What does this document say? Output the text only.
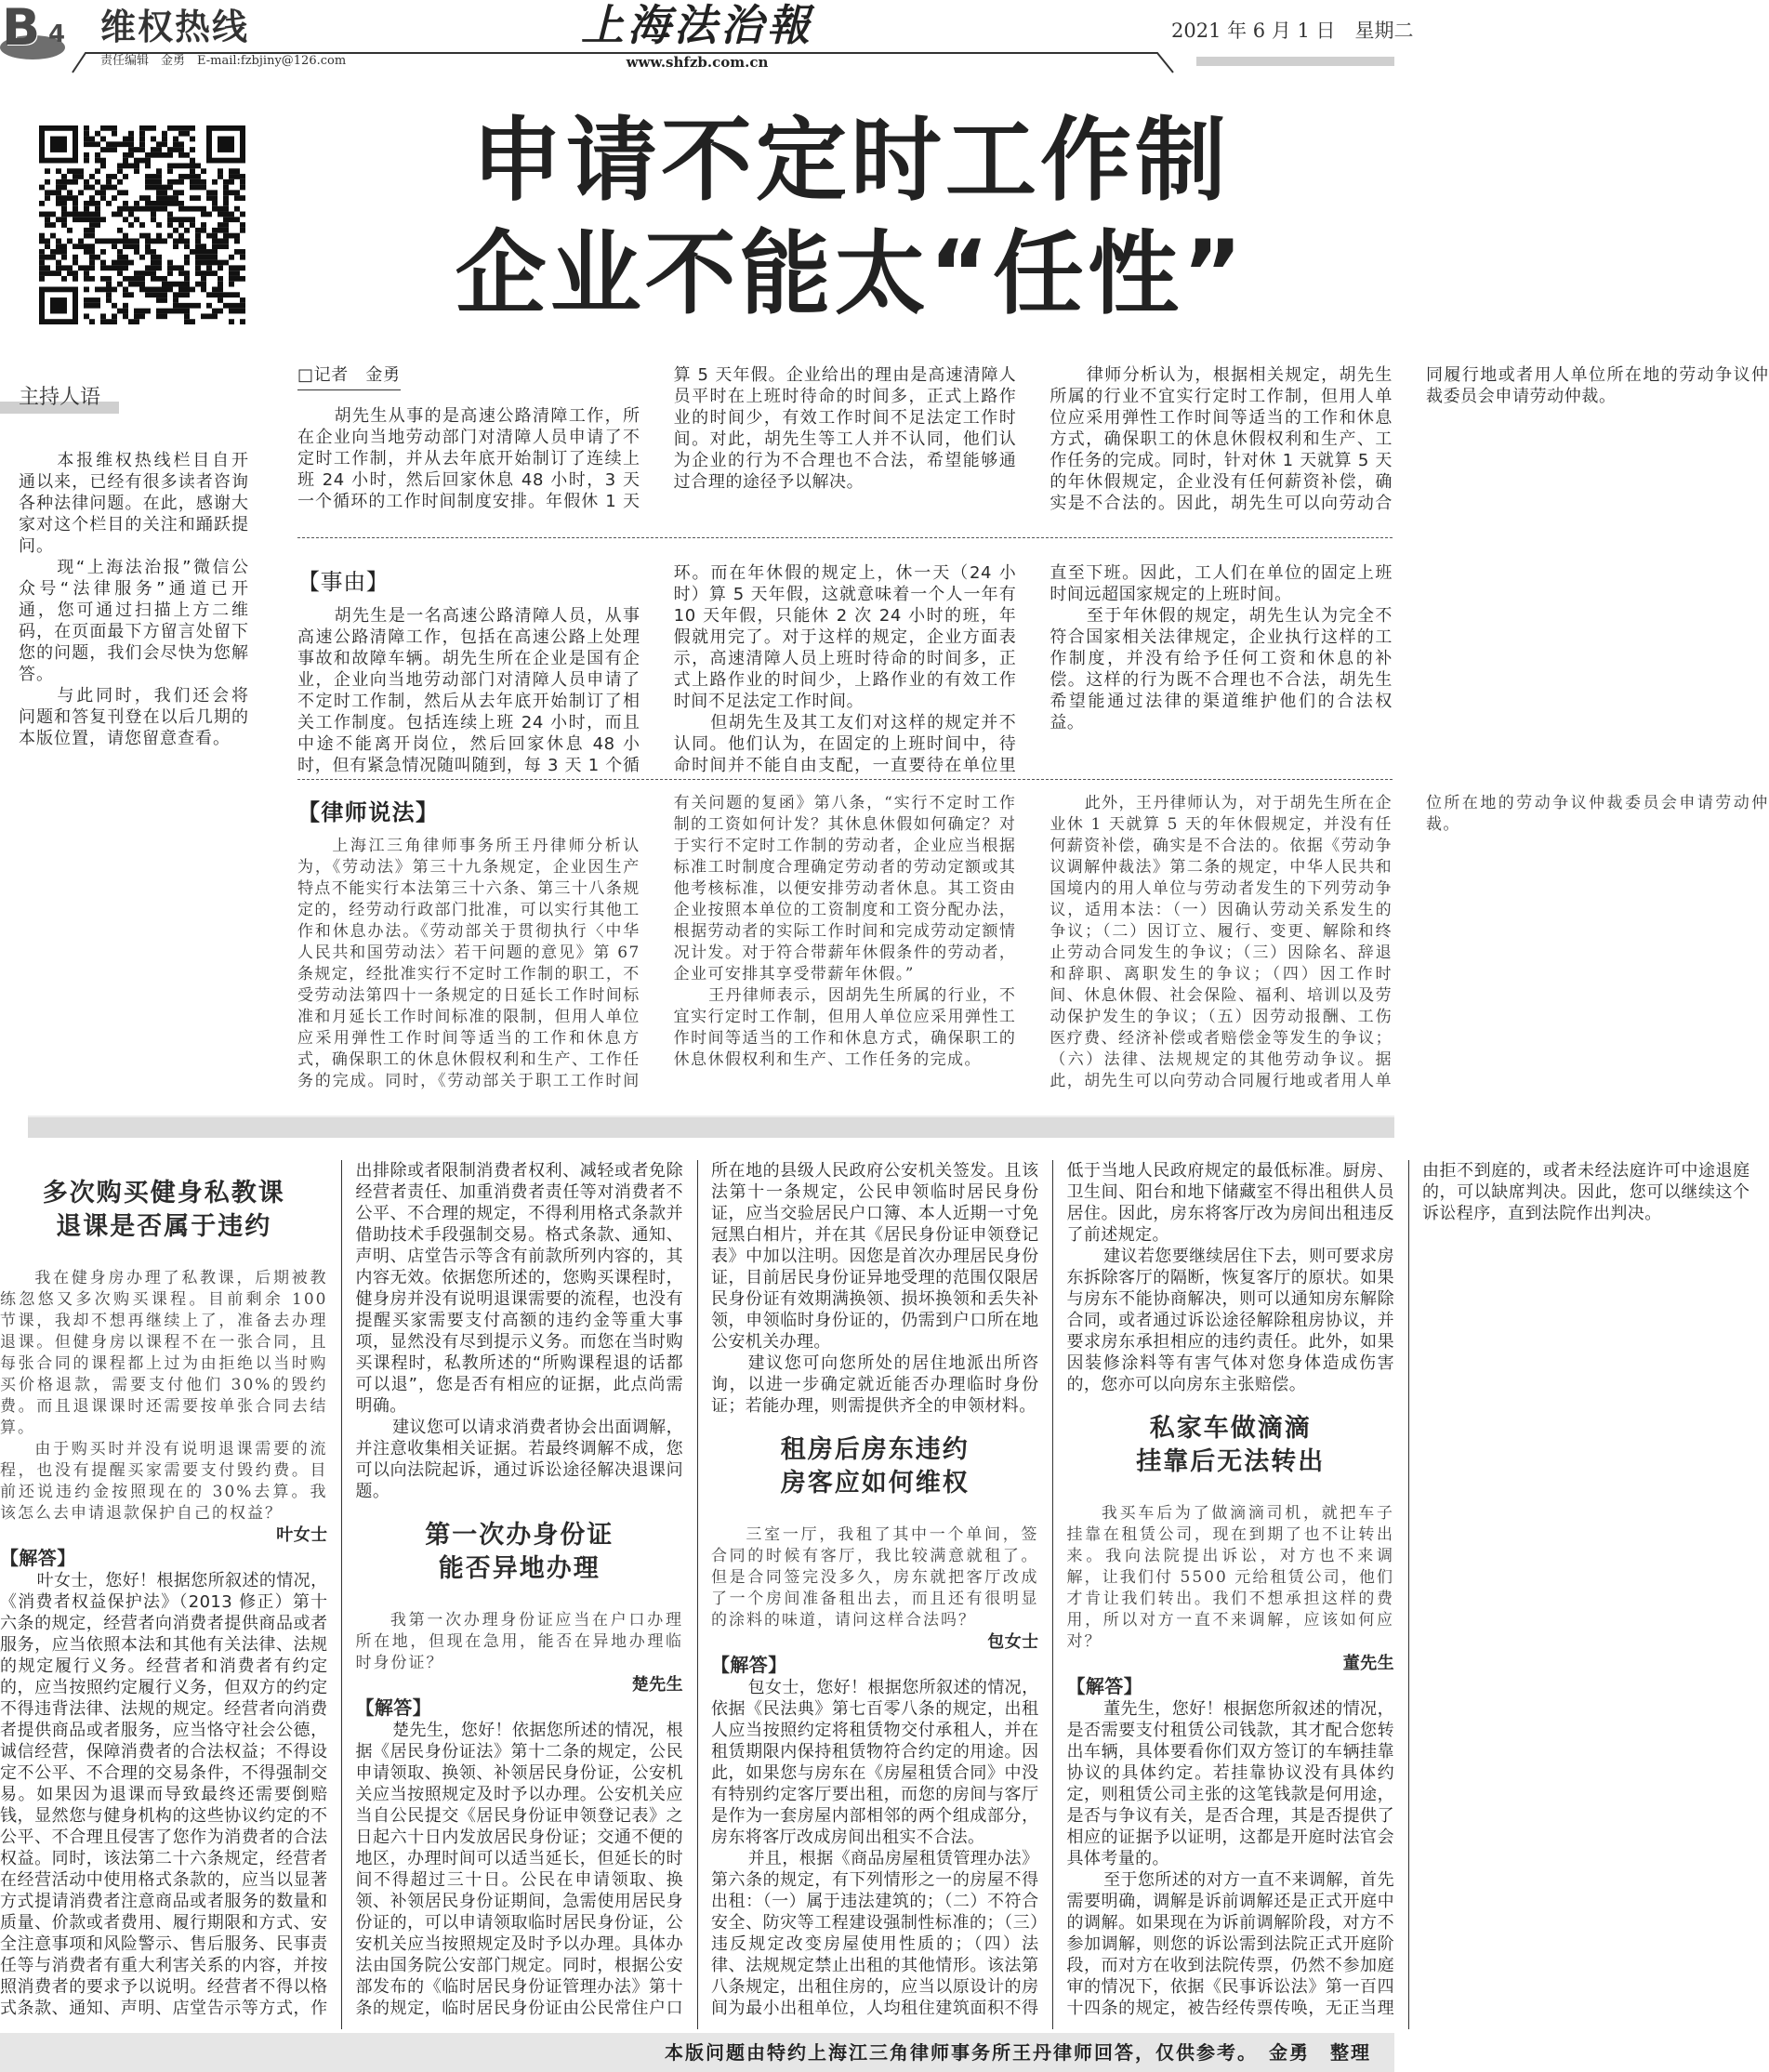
B 4 维权热线
责任编辑　金勇　E-mail:fzbjiny@126.com
上海法治報
www.shfzb.com.cn
2021 年 6 月 1 日　星期二
申请不定时工作制
企业不能太“任性”
主持人语

本报维权热线栏目自开通以来，已经有很多读者咨询各种法律问题。在此，感谢大家对这个栏目的关注和踊跃提问。

现“上海法治报”微信公众号“法律服务”通道已开通，您可通过扫描上方二维码，在页面最下方留言处留下您的问题，我们会尽快为您解答。

与此同时，我们还会将问题和答复刊登在以后几期的本版位置，请您留意查看。

□记者　金勇

胡先生从事的是高速公路清障工作，所在企业向当地劳动部门对清障人员申请了不定时工作制，并从去年底开始制订了连续上班 24 小时，然后回家休息 48 小时，3 天一个循环的工作时间制度安排。年假休 1 天算 5 天年假。企业给出的理由是高速清障人员平时在上班时待命的时间多，正式上路作业的时间少，有效工作时间不足法定工作时间。对此，胡先生等工人并不认同，他们认为企业的行为不合理也不合法，希望能够通过合理的途径予以解决。

律师分析认为，根据相关规定，胡先生所属的行业不宜实行定时工作制，但用人单位应采用弹性工作时间等适当的工作和休息方式，确保职工的休息休假权利和生产、工作任务的完成。同时，针对休 1 天就算 5 天的年休假规定，企业没有任何薪资补偿，确实是不合法的。因此，胡先生可以向劳动合同履行地或者用人单位所在地的劳动争议仲裁委员会申请劳动仲裁。

【事由】

胡先生是一名高速公路清障人员，从事高速公路清障工作，包括在高速公路上处理事故和故障车辆。胡先生所在企业是国有企业，企业向当地劳动部门对清障人员申请了不定时工作制，然后从去年底开始制订了相关工作制度。包括连续上班 24 小时，而且中途不能离开岗位，然后回家休息 48 小时，但有紧急情况随叫随到，每 3 天 1 个循环。而在年休假的规定上，休一天（24 小时）算 5 天年假，这就意味着一个人一年有 10 天年假，只能休 2 次 24 小时的班，年假就用完了。对于这样的规定，企业方面表示，高速清障人员上班时待命的时间多，正式上路作业的时间少，上路作业的有效工作时间不足法定工作时间。

但胡先生及其工友们对这样的规定并不认同。他们认为，在固定的上班时间中，待命时间并不能自由支配，一直要待在单位里直至下班。因此，工人们在单位的固定上班时间远超国家规定的上班时间。

至于年休假的规定，胡先生认为完全不符合国家相关法律规定，企业执行这样的工作制度，并没有给予任何工资和休息的补偿。这样的行为既不合理也不合法，胡先生希望能通过法律的渠道维护他们的合法权益。

【律师说法】

上海江三角律师事务所王丹律师分析认为，《劳动法》第三十九条规定，企业因生产特点不能实行本法第三十六条、第三十八条规定的，经劳动行政部门批准，可以实行其他工作和休息办法。《劳动部关于贯彻执行〈中华人民共和国劳动法〉若干问题的意见》第 67 条规定，经批准实行不定时工作制的职工，不受劳动法第四十一条规定的日延长工作时间标准和月延长工作时间标准的限制，但用人单位应采用弹性工作时间等适当的工作和休息方式，确保职工的休息休假权利和生产、工作任务的完成。同时，《劳动部关于职工工作时间有关问题的复函》第八条，“实行不定时工作制的工资如何计发？其休息休假如何确定？对于实行不定时工作制的劳动者，企业应当根据标准工时制度合理确定劳动者的劳动定额或其他考核标准，以便安排劳动者休息。其工资由企业按照本单位的工资制度和工资分配办法，根据劳动者的实际工作时间和完成劳动定额情况计发。对于符合带薪年休假条件的劳动者，企业可安排其享受带薪年休假。”

王丹律师表示，因胡先生所属的行业，不宜实行定时工作制，但用人单位应采用弹性工作时间等适当的工作和休息方式，确保职工的休息休假权利和生产、工作任务的完成。

此外，王丹律师认为，对于胡先生所在企业休 1 天就算 5 天的年休假规定，并没有任何薪资补偿，确实是不合法的。依据《劳动争议调解仲裁法》第二条的规定，中华人民共和国境内的用人单位与劳动者发生的下列劳动争议，适用本法：（一）因确认劳动关系发生的争议；（二）因订立、履行、变更、解除和终止劳动合同发生的争议；（三）因除名、辞退和辞职、离职发生的争议；（四）因工作时间、休息休假、社会保险、福利、培训以及劳动保护发生的争议；（五）因劳动报酬、工伤医疗费、经济补偿或者赔偿金等发生的争议；（六）法律、法规规定的其他劳动争议。据此，胡先生可以向劳动合同履行地或者用人单位所在地的劳动争议仲裁委员会申请劳动仲裁。

多次购买健身私教课
退课是否属于违约

我在健身房办理了私教课，后期被教练忽悠又多次购买课程。目前剩余 100 节课，我却不想再继续上了，准备去办理退课。但健身房以课程不在一张合同，且每张合同的课程都上过为由拒绝以当时购买价格退款，需要支付他们 30%的毁约费。而且退课课时还需要按单张合同去结算。

由于购买时并没有说明退课需要的流程，也没有提醒买家需要支付毁约费。目前还说违约金按照现在的 30%去算。我该怎么去申请退款保护自己的权益？

叶女士

【解答】

叶女士，您好！根据您所叙述的情况，《消费者权益保护法》（2013 修正）第十六条的规定，经营者向消费者提供商品或者服务，应当依照本法和其他有关法律、法规的规定履行义务。经营者和消费者有约定的，应当按照约定履行义务，但双方的约定不得违背法律、法规的规定。经营者向消费者提供商品或者服务，应当恪守社会公德，诚信经营，保障消费者的合法权益；不得设定不公平、不合理的交易条件，不得强制交易。如果因为退课而导致最终还需要倒赔钱，显然您与健身机构的这些协议约定的不公平、不合理且侵害了您作为消费者的合法权益。同时，该法第二十六条规定，经营者在经营活动中使用格式条款的，应当以显著方式提请消费者注意商品或者服务的数量和质量、价款或者费用、履行期限和方式、安全注意事项和风险警示、售后服务、民事责任等与消费者有重大利害关系的内容，并按照消费者的要求予以说明。经营者不得以格式条款、通知、声明、店堂告示等方式，作出排除或者限制消费者权利、减轻或者免除经营者责任、加重消费者责任等对消费者不公平、不合理的规定，不得利用格式条款并借助技术手段强制交易。格式条款、通知、声明、店堂告示等含有前款所列内容的，其内容无效。依据您所述的，您购买课程时，健身房并没有说明退课需要的流程，也没有提醒买家需要支付高额的违约金等重大事项，显然没有尽到提示义务。而您在当时购买课程时，私教所述的“所购课程退的话都可以退”，您是否有相应的证据，此点尚需明确。

建议您可以请求消费者协会出面调解，并注意收集相关证据。若最终调解不成，您可以向法院起诉，通过诉讼途径解决退课问题。

第一次办身份证
能否异地办理

我第一次办理身份证应当在户口办理所在地，但现在急用，能否在异地办理临时身份证？

楚先生

【解答】

楚先生，您好！依据您所述的情况，根据《居民身份证法》第十二条的规定，公民申请领取、换领、补领居民身份证，公安机关应当按照规定及时予以办理。公安机关应当自公民提交《居民身份证申领登记表》之日起六十日内发放居民身份证；交通不便的地区，办理时间可以适当延长，但延长的时间不得超过三十日。公民在申请领取、换领、补领居民身份证期间，急需使用居民身份证的，可以申请领取临时居民身份证，公安机关应当按照规定及时予以办理。具体办法由国务院公安部门规定。同时，根据公安部发布的《临时居民身份证管理办法》第十条的规定，临时居民身份证由公民常住户口所在地的县级人民政府公安机关签发。且该法第十一条规定，公民申领临时居民身份证，应当交验居民户口簿、本人近期一寸免冠黑白相片，并在其《居民身份证申领登记表》中加以注明。因您是首次办理居民身份证，目前居民身份证异地受理的范围仅限居民身份证有效期满换领、损坏换领和丢失补领，申领临时身份证的，仍需到户口所在地公安机关办理。

建议您可向您所处的居住地派出所咨询，以进一步确定就近能否办理临时身份证；若能办理，则需提供齐全的申领材料。

租房后房东违约
房客应如何维权

三室一厅，我租了其中一个单间，签合同的时候有客厅，我比较满意就租了。但是合同签完没多久，房东就把客厅改成了一个房间准备租出去，而且还有很明显的涂料的味道，请问这样合法吗？

包女士

【解答】

包女士，您好！根据您所叙述的情况，依据《民法典》第七百零八条的规定，出租人应当按照约定将租赁物交付承租人，并在租赁期限内保持租赁物符合约定的用途。因此，如果您与房东在《房屋租赁合同》中没有特别约定客厅要出租，而您的房间与客厅是作为一套房屋内部相邻的两个组成部分，房东将客厅改成房间出租实不合法。

并且，根据《商品房屋租赁管理办法》第六条的规定，有下列情形之一的房屋不得出租：（一）属于违法建筑的；（二）不符合安全、防灾等工程建设强制性标准的；（三）违反规定改变房屋使用性质的；（四）法律、法规规定禁止出租的其他情形。该法第八条规定，出租住房的，应当以原设计的房间为最小出租单位，人均租住建筑面积不得低于当地人民政府规定的最低标准。厨房、卫生间、阳台和地下储藏室不得出租供人员居住。因此，房东将客厅改为房间出租违反了前述规定。

建议若您要继续居住下去，则可要求房东拆除客厅的隔断，恢复客厅的原状。如果与房东不能协商解决，则可以通知房东解除合同，或者通过诉讼途径解除租房协议，并要求房东承担相应的违约责任。此外，如果因装修涂料等有害气体对您身体造成伤害的，您亦可以向房东主张赔偿。

私家车做滴滴
挂靠后无法转出

我买车后为了做滴滴司机，就把车子挂靠在租赁公司，现在到期了也不让转出来。我向法院提出诉讼，对方也不来调解，让我们付 5500 元给租赁公司，他们才肯让我们转出。我们不想承担这样的费用，所以对方一直不来调解，应该如何应对？

董先生

【解答】

董先生，您好！根据您所叙述的情况，是否需要支付租赁公司钱款，其才配合您转出车辆，具体要看你们双方签订的车辆挂靠协议的具体约定。若挂靠协议没有具体约定，则租赁公司主张的这笔钱款是何用途，是否与争议有关，是否合理，其是否提供了相应的证据予以证明，这都是开庭时法官会具体考量的。

至于您所述的对方一直不来调解，首先需要明确，调解是诉前调解还是正式开庭中的调解。如果现在为诉前调解阶段，对方不参加调解，则您的诉讼需到法院正式开庭阶段，而对方在收到法院传票，仍然不参加庭审的情况下，依据《民事诉讼法》第一百四十四条的规定，被告经传票传唤，无正当理由拒不到庭的，或者未经法庭许可中途退庭的，可以缺席判决。因此，您可以继续这个诉讼程序，直到法院作出判决。

本版问题由特约上海江三角律师事务所王丹律师回答，仅供参考。　金勇　整理
